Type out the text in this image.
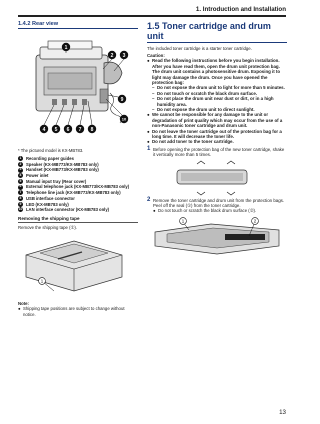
1. Introduction and Installation
1.4.2 Rear view
1
2 3
4 5 6 7 8
9
10
* The pictured model is KX-MB783.
1	Recording paper guides
2	Speaker (KX-MB773/KX-MB783 only)
3	Handset (KX-MB773/KX-MB783 only)
4	Power inlet
5	Manual input tray (Rear cover)
6	External telephone jack (KX-MB773/KX-MB783 only)
7	Telephone line jack (KX-MB773/KX-MB783 only)
8	USB interface connector
9	LED (KX-MB783 only)
10 LAN interface connector (KX-MB783 only)
Removing the shipping tape
Remove the shipping tape (①).
1
Note:
● Shipping tape positions are subject to change without notice.
1.5 Toner cartridge and drum unit
The included toner cartridge is a starter toner cartridge.
Caution:
● Read the following instructions before you begin installation. After you have read them, open the drum unit protection bag. The drum unit contains a photosensitive drum. Exposing it to light may damage the drum. Once you have opened the protection bag:
– Do not expose the drum unit to light for more than 5 minutes.
– Do not touch or scratch the black drum surface.
– Do not place the drum unit near dust or dirt, or in a high humidity area.
– Do not expose the drum unit to direct sunlight.
● We cannot be responsible for any damage to the unit or degradation of print quality which may occur from the use of a non-Panasonic toner cartridge and drum unit.
● Do not leave the toner cartridge out of the protection bag for a long time. It will decrease the toner life.
● Do not add toner to the toner cartridge.
1 Before opening the protection bag of the new toner cartridge, shake it vertically more than 5 times.
2 Remove the toner cartridge and drum unit from the protection bags. Peel off the seal (①) from the toner cartridge.
● Do not touch or scratch the black drum surface (②).
1	2
13
